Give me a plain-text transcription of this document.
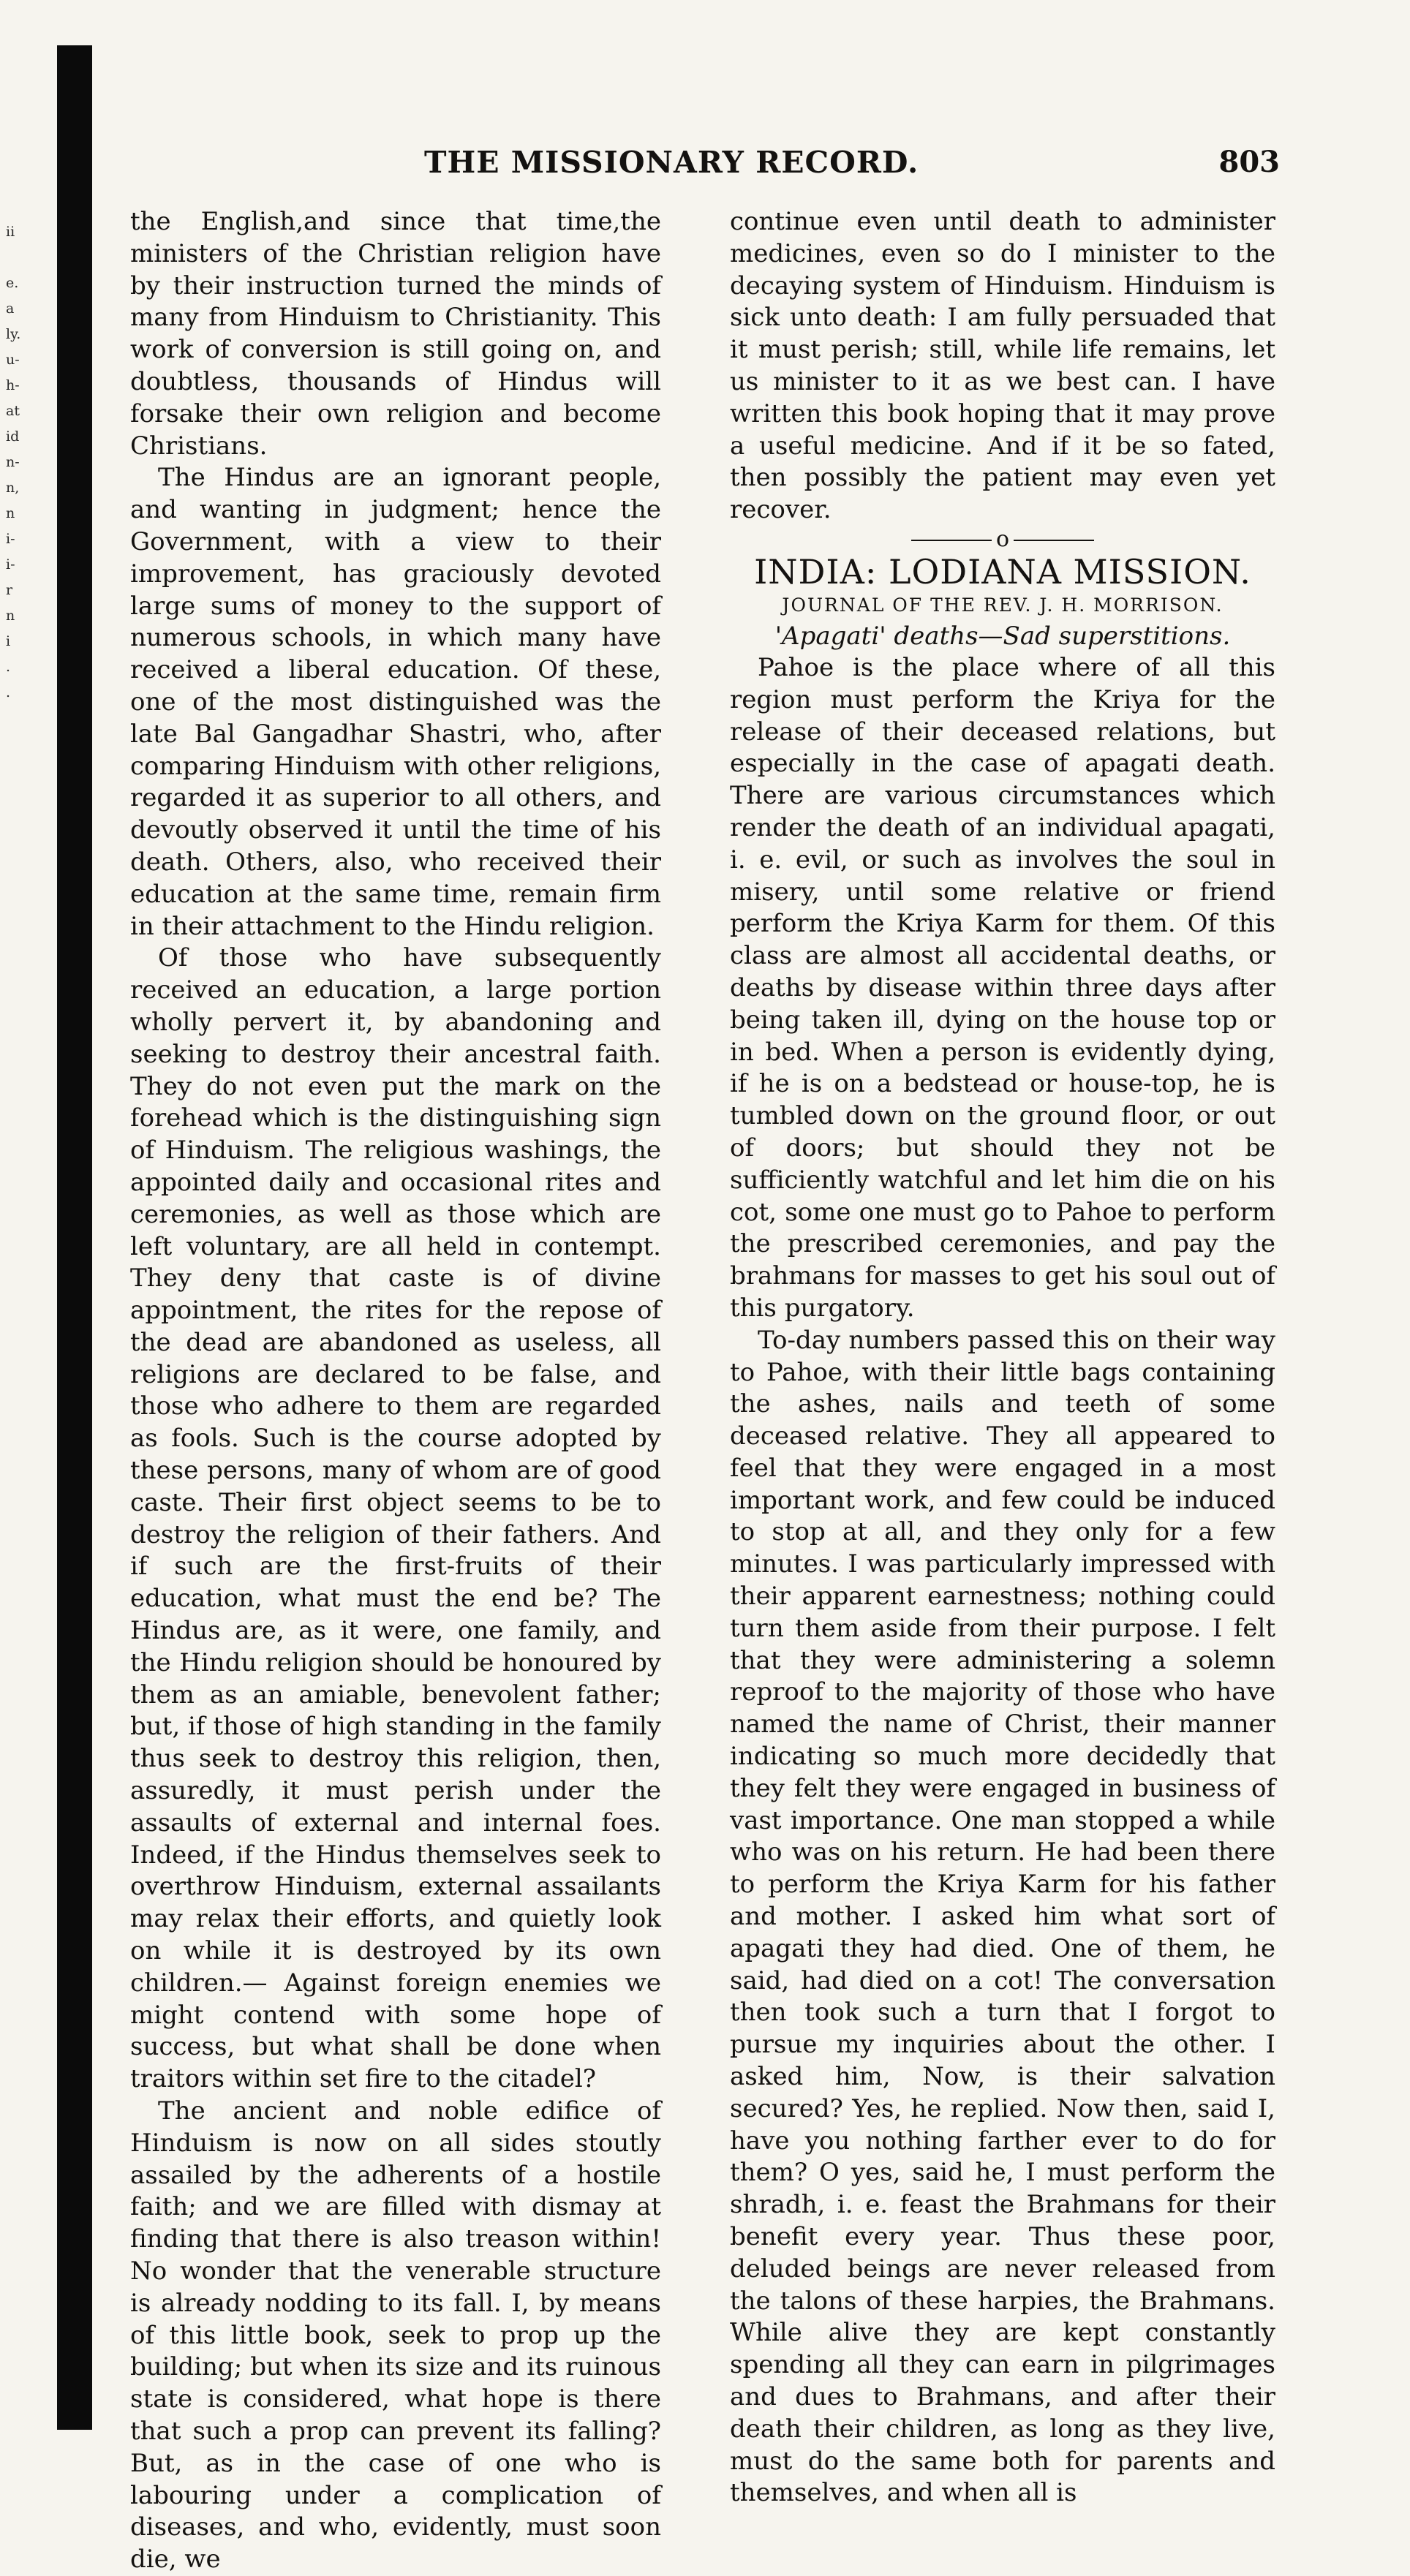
ii
e.
a
ly.
u-
h-
at
id
n-
n,
n
i-
i-
r
n
i
.
.
THE MISSIONARY RECORD.	803

the English,and since that time,the ministers of the Christian religion have by their instruction turned the minds of many from Hinduism to Christianity. This work of conversion is still going on, and doubtless, thousands of Hindus will forsake their own religion and become Christians.

The Hindus are an ignorant people, and wanting in judgment; hence the Government, with a view to their improvement, has graciously devoted large sums of money to the support of numerous schools, in which many have received a liberal education. Of these, one of the most distinguished was the late Bal Gangadhar Shastri, who, after comparing Hinduism with other religions, regarded it as superior to all others, and devoutly observed it until the time of his death. Others, also, who received their education at the same time, remain firm in their attachment to the Hindu religion.

Of those who have subsequently received an education, a large portion wholly pervert it, by abandoning and seeking to destroy their ancestral faith. They do not even put the mark on the forehead which is the distinguishing sign of Hinduism. The religious washings, the appointed daily and occasional rites and ceremonies, as well as those which are left voluntary, are all held in contempt. They deny that caste is of divine appointment, the rites for the repose of the dead are abandoned as useless, all religions are declared to be false, and those who adhere to them are regarded as fools. Such is the course adopted by these persons, many of whom are of good caste. Their first object seems to be to destroy the religion of their fathers. And if such are the first-fruits of their education, what must the end be? The Hindus are, as it were, one family, and the Hindu religion should be honoured by them as an amiable, benevolent father; but, if those of high standing in the family thus seek to destroy this religion, then, assuredly, it must perish under the assaults of external and internal foes. Indeed, if the Hindus themselves seek to overthrow Hinduism, external assailants may relax their efforts, and quietly look on while it is destroyed by its own children.— Against foreign enemies we might contend with some hope of success, but what shall be done when traitors within set fire to the citadel?

The ancient and noble edifice of Hinduism is now on all sides stoutly assailed by the adherents of a hostile faith; and we are filled with dismay at finding that there is also treason within! No wonder that the venerable structure is already nodding to its fall. I, by means of this little book, seek to prop up the building; but when its size and its ruinous state is considered, what hope is there that such a prop can prevent its falling? But, as in the case of one who is labouring under a complication of diseases, and who, evidently, must soon die, we

continue even until death to administer medicines, even so do I minister to the decaying system of Hinduism. Hinduism is sick unto death: I am fully persuaded that it must perish; still, while life remains, let us minister to it as we best can. I have written this book hoping that it may prove a useful medicine. And if it be so fated, then possibly the patient may even yet recover.

o
INDIA: LODIANA MISSION.
JOURNAL OF THE REV. J. H. MORRISON.
'Apagati' deaths—Sad superstitions.

Pahoe is the place where of all this region must perform the Kriya for the release of their deceased relations, but especially in the case of apagati death. There are various circumstances which render the death of an individual apagati, i. e. evil, or such as involves the soul in misery, until some relative or friend perform the Kriya Karm for them. Of this class are almost all accidental deaths, or deaths by disease within three days after being taken ill, dying on the house top or in bed. When a person is evidently dying, if he is on a bedstead or house-top, he is tumbled down on the ground floor, or out of doors; but should they not be sufficiently watchful and let him die on his cot, some one must go to Pahoe to perform the prescribed ceremonies, and pay the brahmans for masses to get his soul out of this purgatory.

To-day numbers passed this on their way to Pahoe, with their little bags containing the ashes, nails and teeth of some deceased relative. They all appeared to feel that they were engaged in a most important work, and few could be induced to stop at all, and they only for a few minutes. I was particularly impressed with their apparent earnestness; nothing could turn them aside from their purpose. I felt that they were administering a solemn reproof to the majority of those who have named the name of Christ, their manner indicating so much more decidedly that they felt they were engaged in business of vast importance. One man stopped a while who was on his return. He had been there to perform the Kriya Karm for his father and mother. I asked him what sort of apagati they had died. One of them, he said, had died on a cot! The conversation then took such a turn that I forgot to pursue my inquiries about the other. I asked him, Now, is their salvation secured? Yes, he replied. Now then, said I, have you nothing farther ever to do for them? O yes, said he, I must perform the shradh, i. e. feast the Brahmans for their benefit every year. Thus these poor, deluded beings are never released from the talons of these harpies, the Brahmans. While alive they are kept constantly spending all they can earn in pilgrimages and dues to Brahmans, and after their death their children, as long as they live, must do the same both for parents and themselves, and when all is
